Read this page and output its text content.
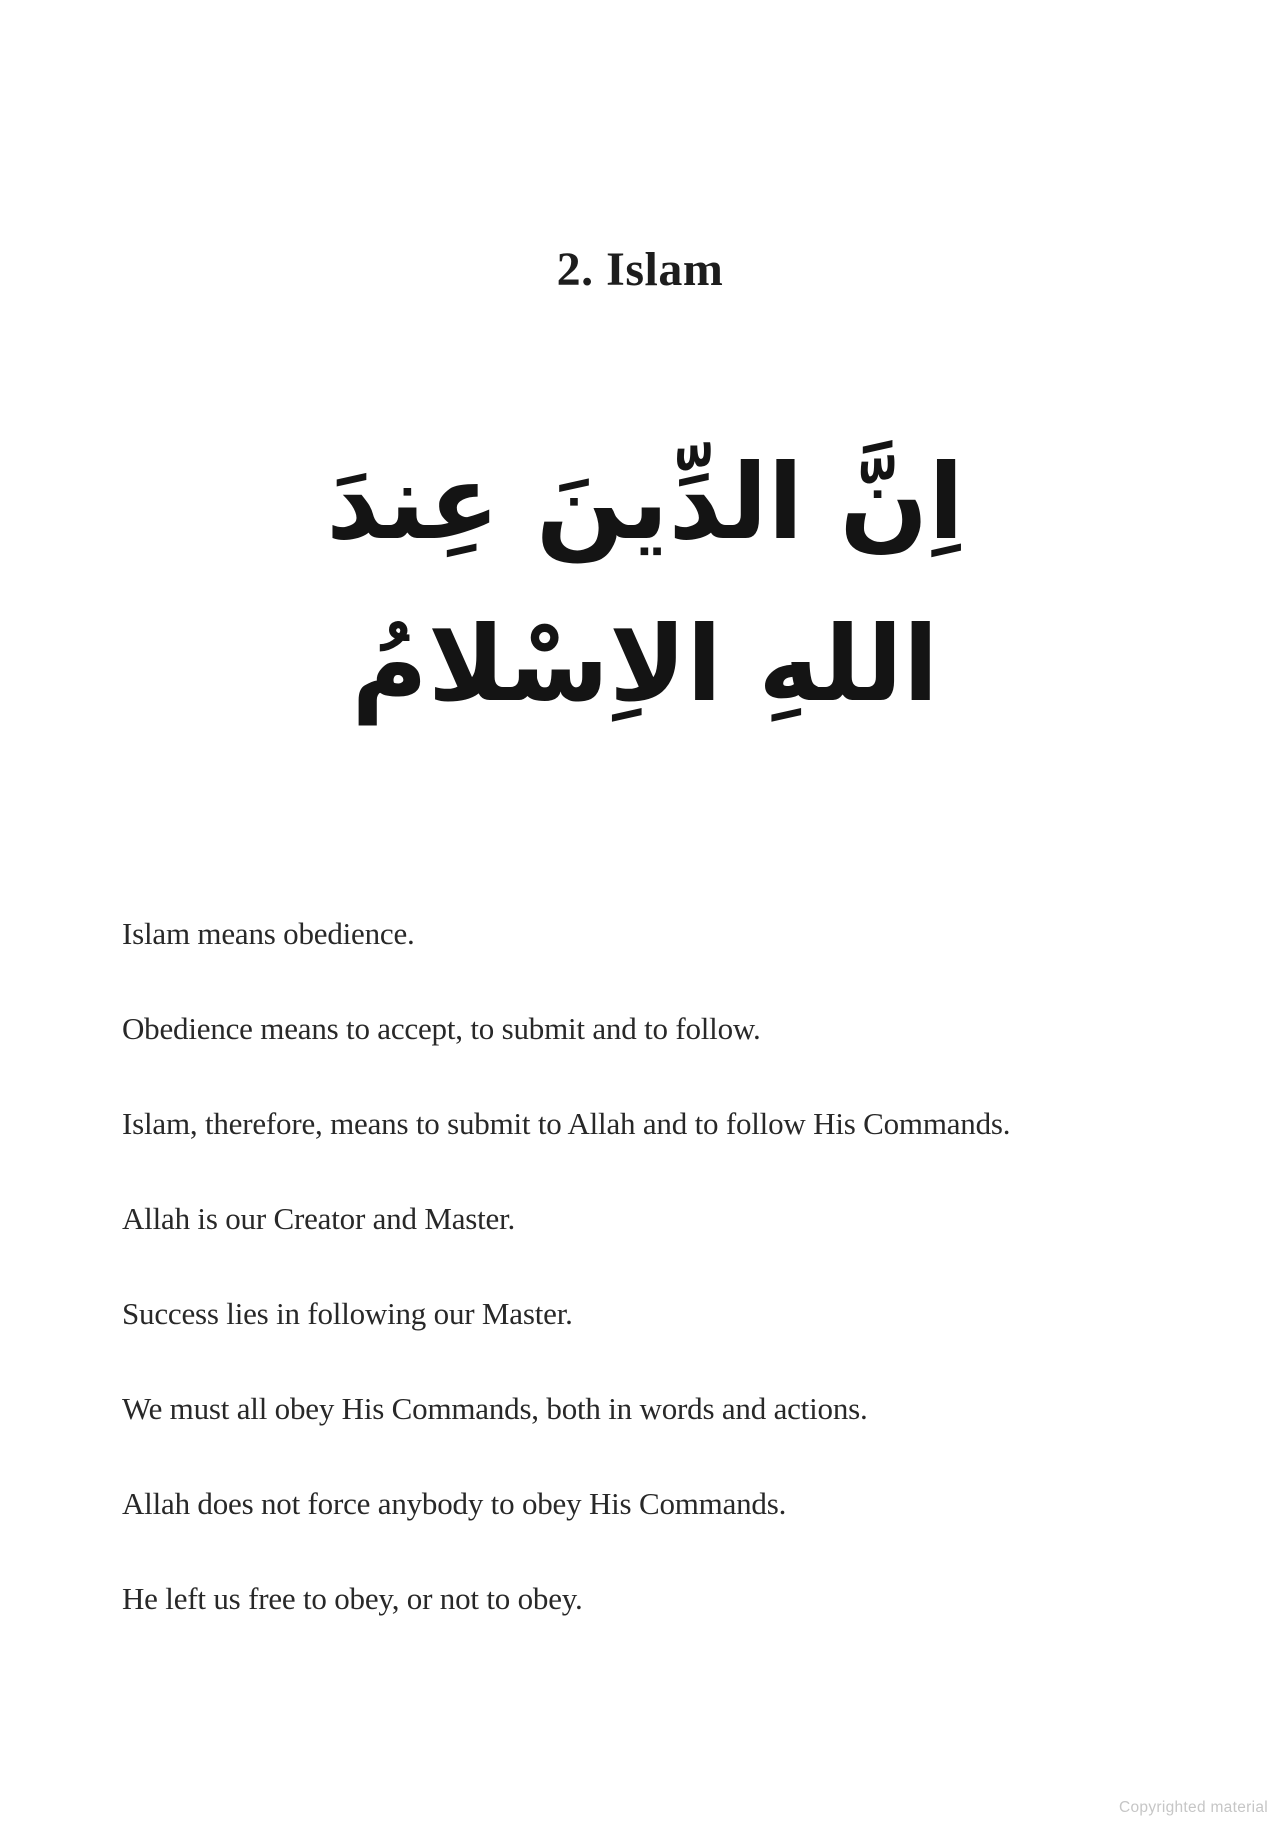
2. Islam
اِنَّ الدِّينَ عِندَ اللهِ الاِسْلامُ

Islam means obedience.

Obedience means to accept, to submit and to follow.

Islam, therefore, means to submit to Allah and to follow His Commands.

Allah is our Creator and Master.

Success lies in following our Master.

We must all obey His Commands, both in words and actions.

Allah does not force anybody to obey His Commands.

He left us free to obey, or not to obey.

Copyrighted material
